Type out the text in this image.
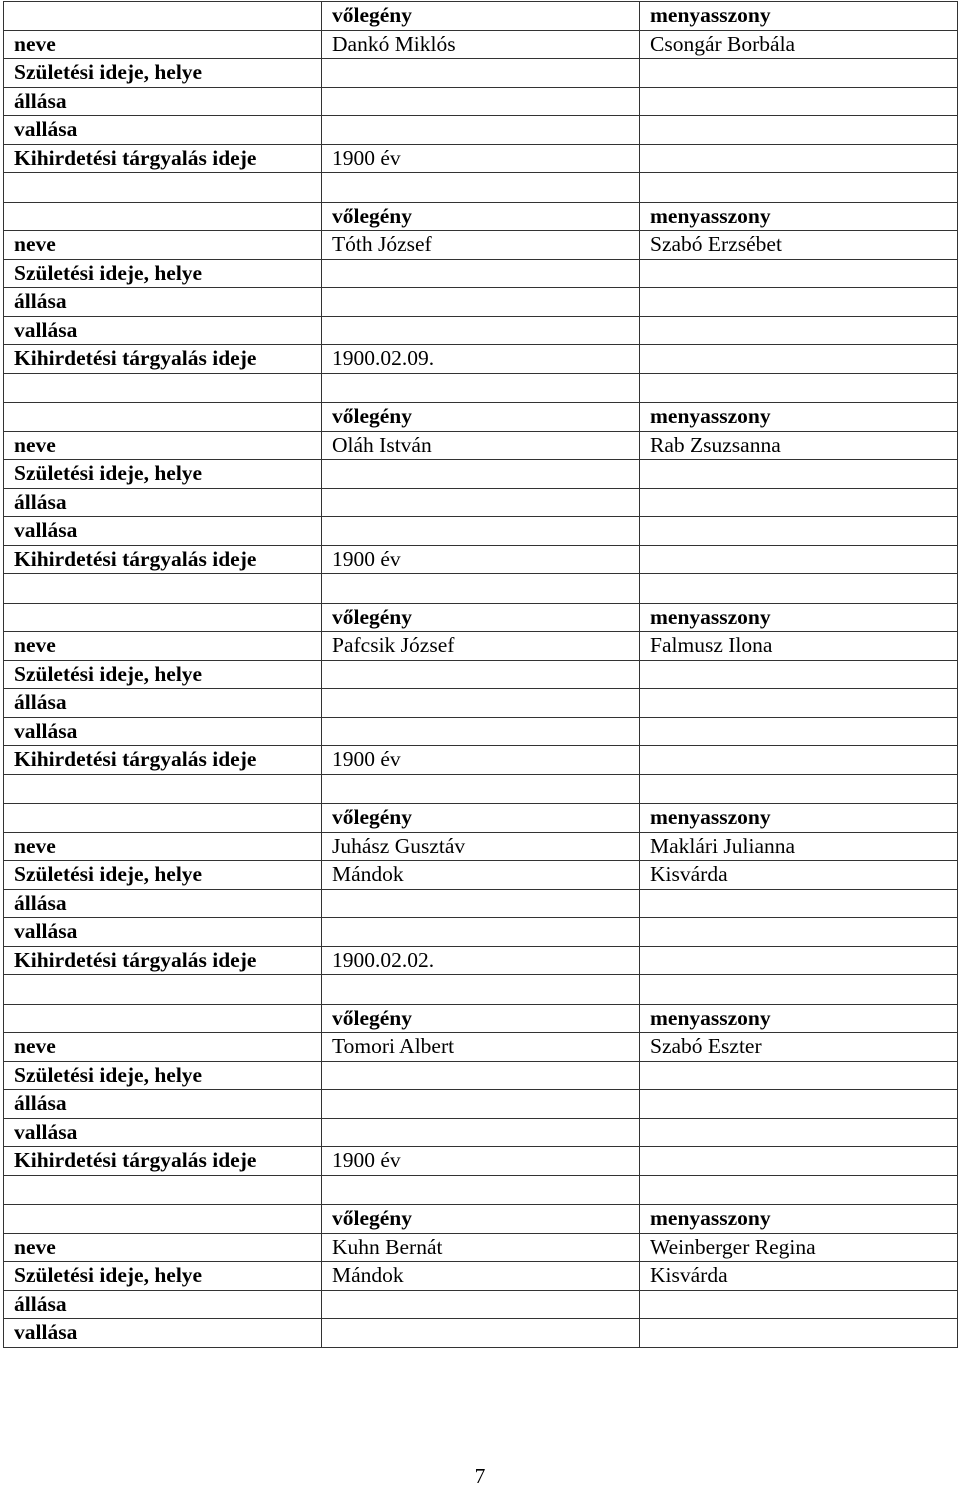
	vőlegény	menyasszony
neve	Dankó Miklós	Csongár Borbála
Születési ideje, helye		
állása		
vallása		
Kihirdetési tárgyalás ideje	1900 év	

	vőlegény	menyasszony
neve	Tóth József	Szabó Erzsébet
Születési ideje, helye		
állása		
vallása		
Kihirdetési tárgyalás ideje	1900.02.09.	

	vőlegény	menyasszony
neve	Oláh István	Rab Zsuzsanna
Születési ideje, helye		
állása		
vallása		
Kihirdetési tárgyalás ideje	1900 év	

	vőlegény	menyasszony
neve	Pafcsik József	Falmusz Ilona
Születési ideje, helye		
állása		
vallása		
Kihirdetési tárgyalás ideje	1900 év	

	vőlegény	menyasszony
neve	Juhász Gusztáv	Maklári Julianna
Születési ideje, helye	Mándok	Kisvárda
állása		
vallása		
Kihirdetési tárgyalás ideje	1900.02.02.	

	vőlegény	menyasszony
neve	Tomori Albert	Szabó Eszter
Születési ideje, helye		
állása		
vallása		
Kihirdetési tárgyalás ideje	1900 év	

	vőlegény	menyasszony
neve	Kuhn Bernát	Weinberger Regina
Születési ideje, helye	Mándok	Kisvárda
állása		
vallása		
7
